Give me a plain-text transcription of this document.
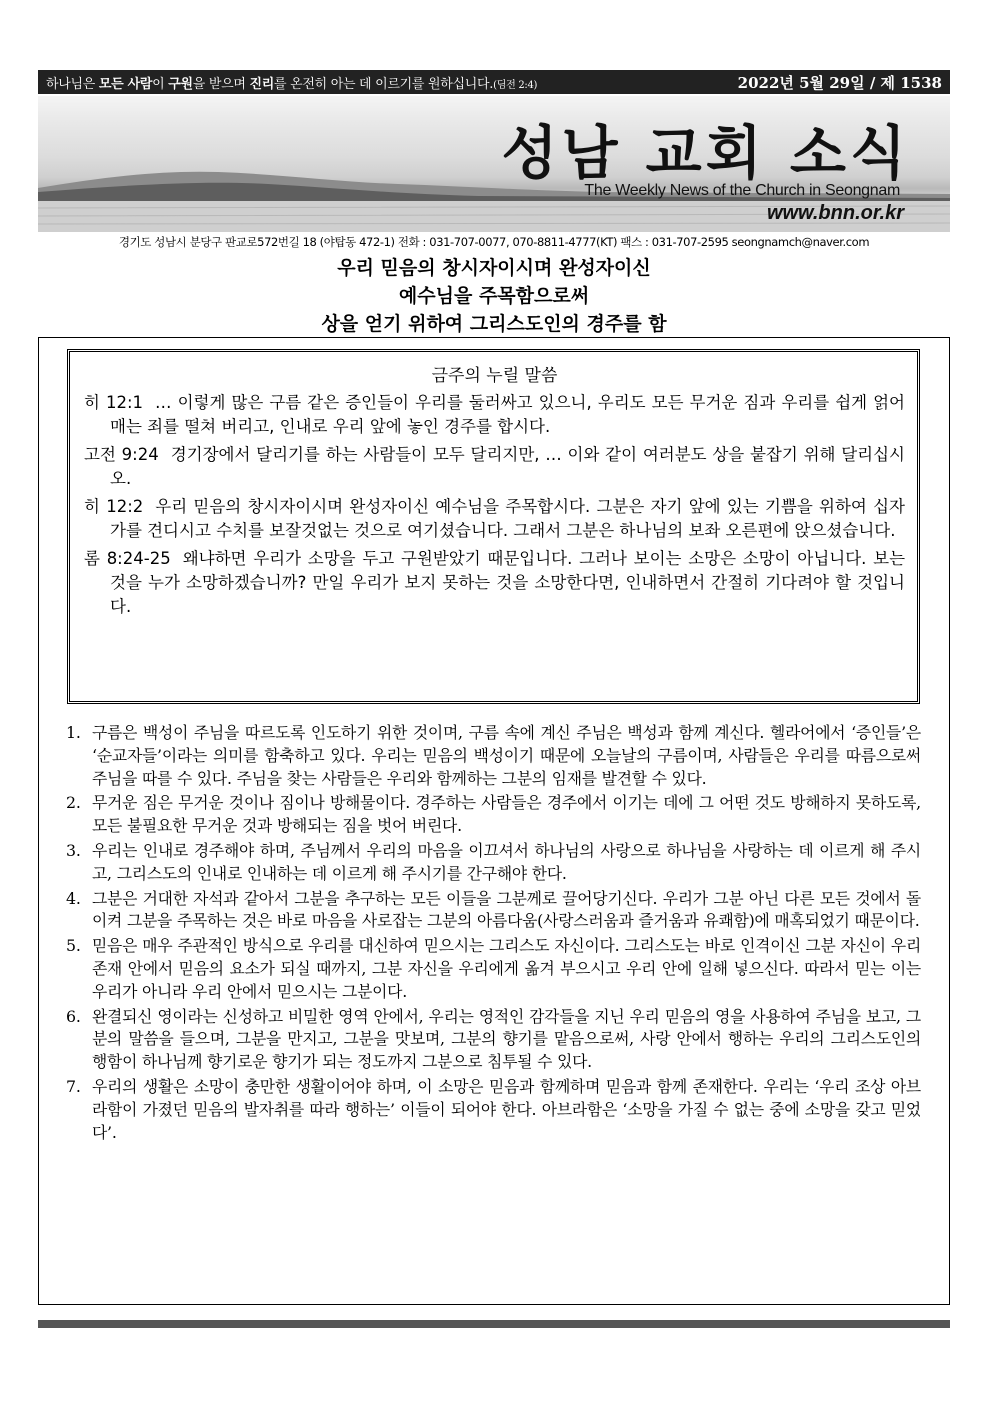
하나님은 모든 사람이 구원을 받으며 진리를 온전히 아는 데 이르기를 원하십니다.(딤전 2:4)	2022년 5월 29일 / 제 1538
성남 교회 소식
The Weekly News of the Church in Seongnam
www.bnn.or.kr
경기도 성남시 분당구 판교로572번길 18 (야탑동 472-1) 전화 : 031-707-0077, 070-8811-4777(KT) 팩스 : 031-707-2595 seongnamch@naver.com
우리 믿음의 창시자이시며 완성자이신
예수님을 주목함으로써
상을 얻기 위하여 그리스도인의 경주를 함
금주의 누릴 말씀
히 12:1 … 이렇게 많은 구름 같은 증인들이 우리를 둘러싸고 있으니, 우리도 모든 무거운 짐과 우리를 쉽게 얽어매는 죄를 떨쳐 버리고, 인내로 우리 앞에 놓인 경주를 합시다.
고전 9:24 경기장에서 달리기를 하는 사람들이 모두 달리지만, … 이와 같이 여러분도 상을 붙잡기 위해 달리십시오.
히 12:2 우리 믿음의 창시자이시며 완성자이신 예수님을 주목합시다. 그분은 자기 앞에 있는 기쁨을 위하여 십자가를 견디시고 수치를 보잘것없는 것으로 여기셨습니다. 그래서 그분은 하나님의 보좌 오른편에 앉으셨습니다.
롬 8:24-25 왜냐하면 우리가 소망을 두고 구원받았기 때문입니다. 그러나 보이는 소망은 소망이 아닙니다. 보는 것을 누가 소망하겠습니까? 만일 우리가 보지 못하는 것을 소망한다면, 인내하면서 간절히 기다려야 할 것입니다.
1. 구름은 백성이 주님을 따르도록 인도하기 위한 것이며, 구름 속에 계신 주님은 백성과 함께 계신다. 헬라어에서 ‘증인들’은 ‘순교자들’이라는 의미를 함축하고 있다. 우리는 믿음의 백성이기 때문에 오늘날의 구름이며, 사람들은 우리를 따름으로써 주님을 따를 수 있다. 주님을 찾는 사람들은 우리와 함께하는 그분의 임재를 발견할 수 있다.
2. 무거운 짐은 무거운 것이나 짐이나 방해물이다. 경주하는 사람들은 경주에서 이기는 데에 그 어떤 것도 방해하지 못하도록, 모든 불필요한 무거운 것과 방해되는 짐을 벗어 버린다.
3. 우리는 인내로 경주해야 하며, 주님께서 우리의 마음을 이끄셔서 하나님의 사랑으로 하나님을 사랑하는 데 이르게 해 주시고, 그리스도의 인내로 인내하는 데 이르게 해 주시기를 간구해야 한다.
4. 그분은 거대한 자석과 같아서 그분을 추구하는 모든 이들을 그분께로 끌어당기신다. 우리가 그분 아닌 다른 모든 것에서 돌이켜 그분을 주목하는 것은 바로 마음을 사로잡는 그분의 아름다움(사랑스러움과 즐거움과 유쾌함)에 매혹되었기 때문이다.
5. 믿음은 매우 주관적인 방식으로 우리를 대신하여 믿으시는 그리스도 자신이다. 그리스도는 바로 인격이신 그분 자신이 우리 존재 안에서 믿음의 요소가 되실 때까지, 그분 자신을 우리에게 옮겨 부으시고 우리 안에 일해 넣으신다. 따라서 믿는 이는 우리가 아니라 우리 안에서 믿으시는 그분이다.
6. 완결되신 영이라는 신성하고 비밀한 영역 안에서, 우리는 영적인 감각들을 지닌 우리 믿음의 영을 사용하여 주님을 보고, 그분의 말씀을 들으며, 그분을 만지고, 그분을 맛보며, 그분의 향기를 맡음으로써, 사랑 안에서 행하는 우리의 그리스도인의 행함이 하나님께 향기로운 향기가 되는 정도까지 그분으로 침투될 수 있다.
7. 우리의 생활은 소망이 충만한 생활이어야 하며, 이 소망은 믿음과 함께하며 믿음과 함께 존재한다. 우리는 ‘우리 조상 아브라함이 가졌던 믿음의 발자취를 따라 행하는’ 이들이 되어야 한다. 아브라함은 ‘소망을 가질 수 없는 중에 소망을 갖고 믿었다’.
